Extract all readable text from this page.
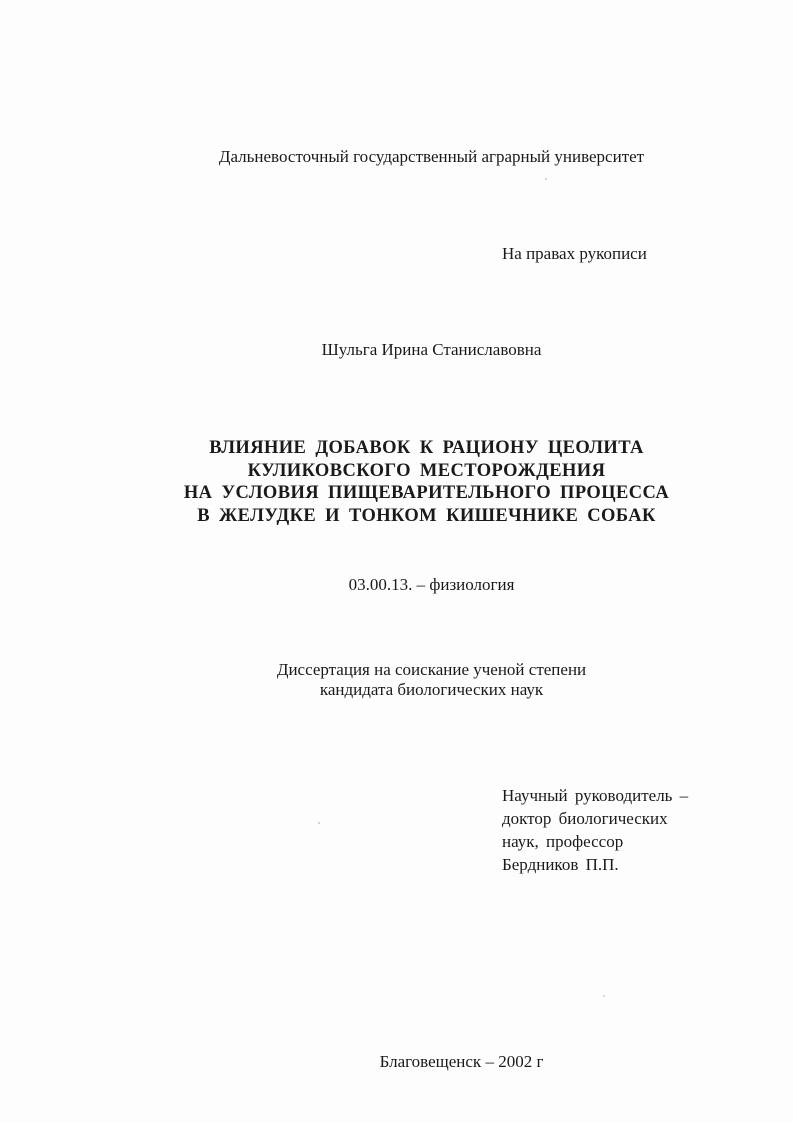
Дальневосточный государственный аграрный университет
На правах рукописи
Шульга Ирина Станиславовна
ВЛИЯНИЕ ДОБАВОК К РАЦИОНУ ЦЕОЛИТА
КУЛИКОВСКОГО МЕСТОРОЖДЕНИЯ
НА УСЛОВИЯ ПИЩЕВАРИТЕЛЬНОГО ПРОЦЕССА
В ЖЕЛУДКЕ И ТОНКОМ КИШЕЧНИКЕ СОБАК
03.00.13. – физиология
Диссертация на соискание ученой степени
кандидата биологических наук
Научный руководитель –
доктор биологических
наук, профессор
Бердников П.П.
Благовещенск – 2002 г
